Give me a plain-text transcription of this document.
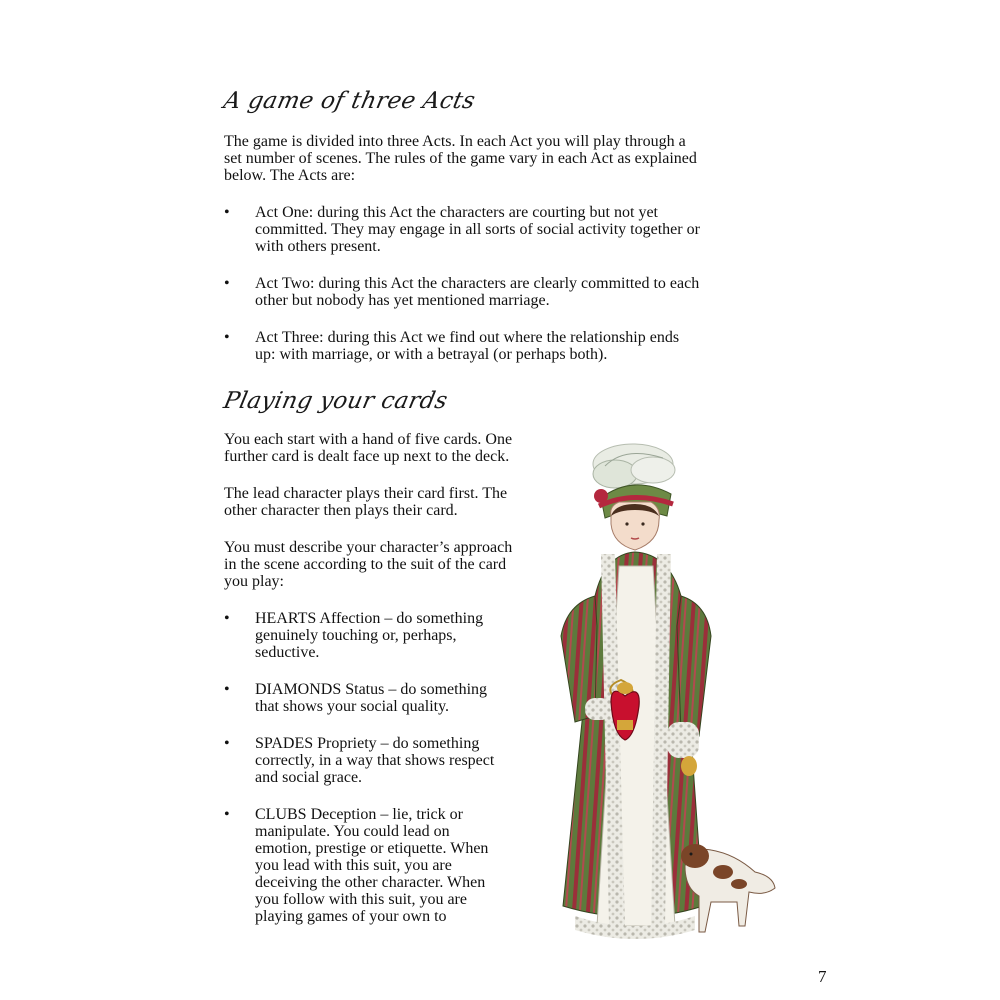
A game of three Acts

The game is divided into three Acts. In each Act you will play through a
set number of scenes. The rules of the game vary in each Act as explained
below. The Acts are:

• Act One: during this Act the characters are courting but not yet
committed. They may engage in all sorts of social activity together or
with others present.
• Act Two: during this Act the characters are clearly committed to each
other but nobody has yet mentioned marriage.
• Act Three: during this Act we find out where the relationship ends
up: with marriage, or with a betrayal (or perhaps both).
Playing your cards

You each start with a hand of five cards. One
further card is dealt face up next to the deck.

The lead character plays their card first. The
other character then plays their card.

You must describe your character’s approach
in the scene according to the suit of the card
you play:

• HEARTS Affection – do something
genuinely touching or, perhaps,
seductive.
• DIAMONDS Status – do something
that shows your social quality.
• SPADES Propriety – do something
correctly, in a way that shows respect
and social grace.
• CLUBS Deception – lie, trick or
manipulate. You could lead on
emotion, prestige or etiquette. When
you lead with this suit, you are
deceiving the other character. When
you follow with this suit, you are
playing games of your own to
7
